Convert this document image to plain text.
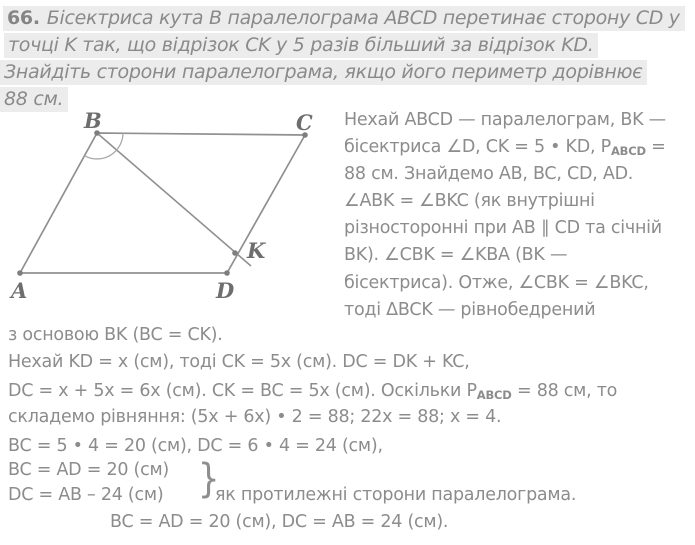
66. Бісектриса кута В паралелограма ABCD перетинає сторону CD у
точці K так, що відрізок CK у 5 разів більший за відрізок KD.
Знайдіть сторони паралелограма, якщо його периметр дорівнює
88 см.
A
B	C
D
K
Нехай ABCD — паралелограм, BK —
бісектриса ∠D, CK = 5 • KD, PABCD =
88 см. Знайдемо AB, BC, CD, AD.
∠ABK = ∠BKC (як внутрішні
різносторонні при AB ∥ CD та січній
BK). ∠CBK = ∠KBA (BK —
бісектриса). Отже, ∠CBK = ∠BKC,
тоді ΔBCK — рівнобедрений
з основою BK (BC = CK).
Нехай KD = x (см), тоді CK = 5x (см). DC = DK + KC,
DC = x + 5x = 6x (см). CK = BC = 5x (см). Оскільки PABCD = 88 см, то
складемо рівняння: (5x + 6x) • 2 = 88; 22x = 88; x = 4.
BC = 5 • 4 = 20 (см), DC = 6 • 4 = 24 (см),
BC = AD = 20 (см)
DC = AB – 24 (см) }
як протилежні сторони паралелограма.
BC = AD = 20 (см), DC = AB = 24 (см).
